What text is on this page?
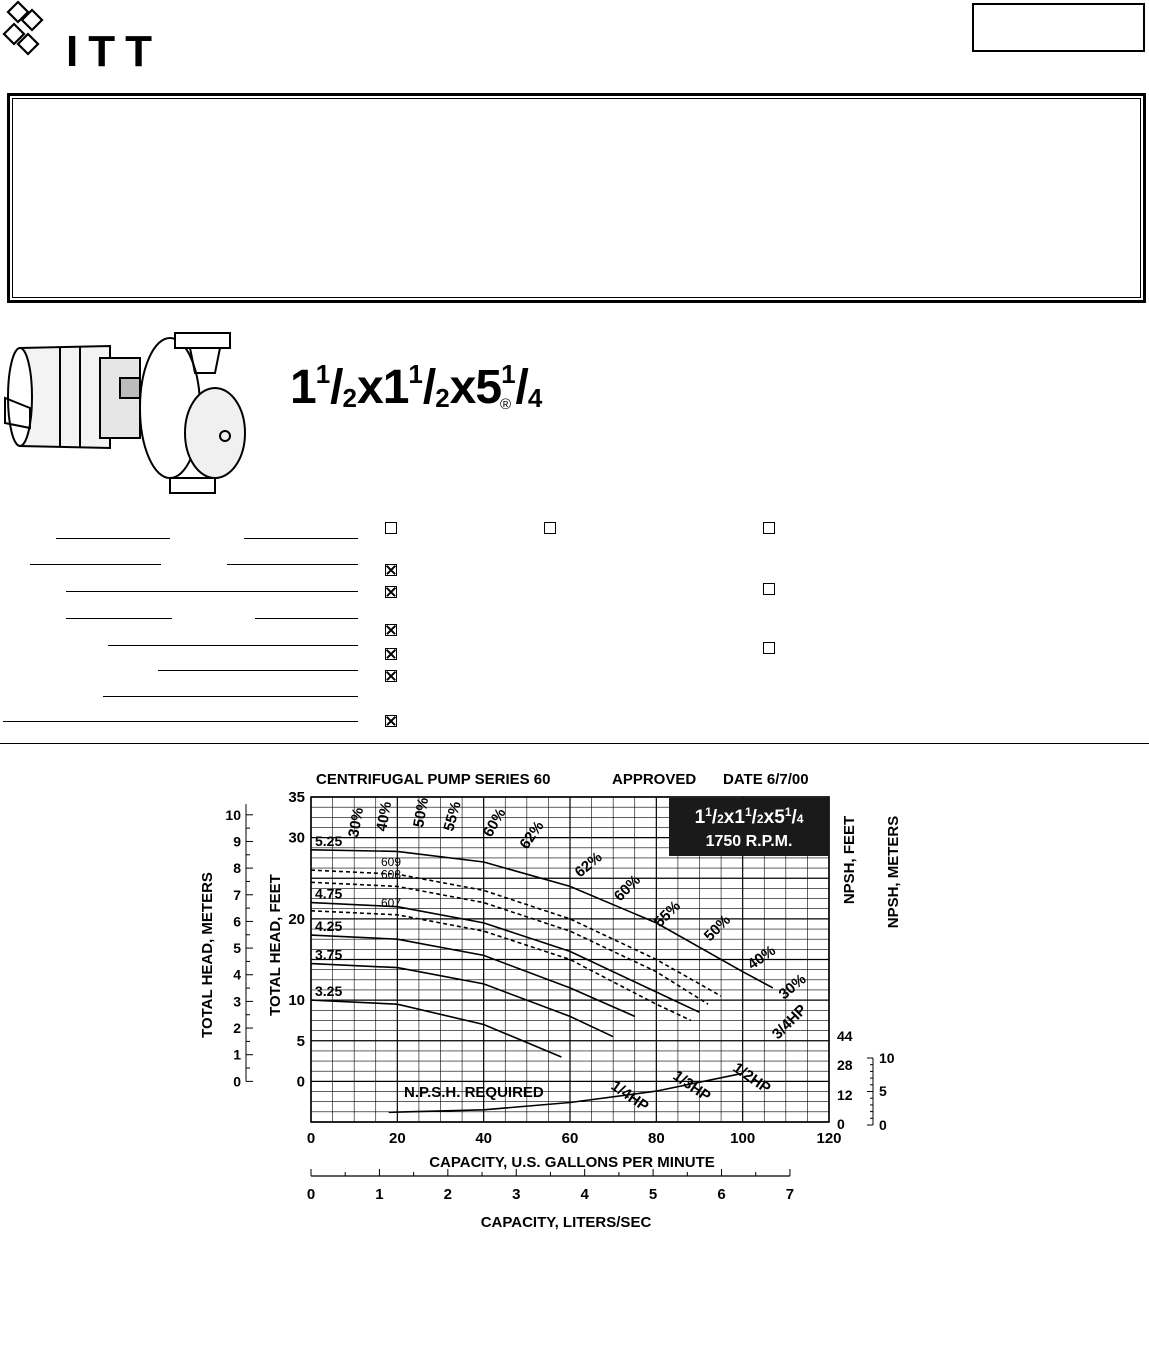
ITT
$1^1/_2x1^1/_2x5^1/_4$
®
0	20	40	60	80	100	120
0	1	2	3	4	5	6	7
0
5
10
20
30
35
0
1
2
3
4
5
6
7
8
9
10
44
28
12
0
10
5
0
5.25
609
608
4.75
607
4.25
3.75
3.25
30% 40% 50% 55% 60% 62%
62%
60%
55% 50%
40%
30%
3/4HP
1/2HP
1/3HP
1/4HP
CENTRIFUGAL PUMP SERIES 60	APPROVED DATE 6/7/00
$1^1/2x1^1/2x5^1/4$
1750 R.P.M.
CAPACITY, U.S. GALLONS PER MINUTE
CAPACITY, LITERS/SEC
TOTAL HEAD, FEET
TOTAL HEAD, METERS
NPSH, FEET NPSH, METERS
N.P.S.H. REQUIRED
